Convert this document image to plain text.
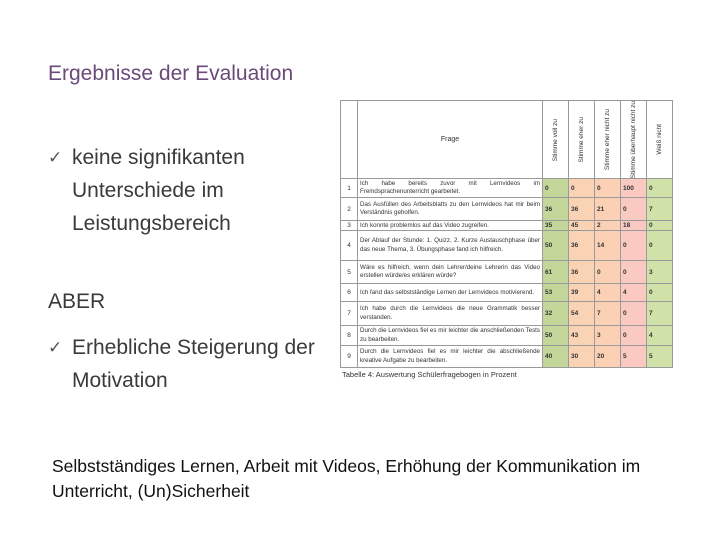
Ergebnisse der Evaluation
✓ keine signifikanten Unterschiede im Leistungsbereich
ABER
✓ Erhebliche Steigerung der Motivation
	Frage	Stimme voll zu	Stimme eher zu	Stimme eher nicht zu	Stimme überhaupt nicht zu	Weiß nicht

1	Ich habe bereits zuvor mit Lernvideos im Fremdsprachenunterricht gearbeitet.	0	0	0	100	0
2	Das Ausfüllen des Arbeitsblatts zu den Lernvideos hat mir beim Verständnis geholfen.	36	36	21	0	7
3	Ich konnte problemlos auf das Video zugreifen.	35	45	2	18	0
4	Der Ablauf der Stunde: 1. Quizz, 2. Kurze Austauschphase über das neue Thema, 3. Übungsphase fand ich hilfreich.	50	36	14	0	0
5	Wäre es hilfreich, wenn dein Lehrer/deine Lehrerin das Video erstellen würde/es erklären würde?	61	36	0	0	3
6	Ich fand das selbstständige Lernen der Lernvideos motivierend.	53	39	4	4	0
7	Ich habe durch die Lernvideos die neue Grammatik besser verstanden.	32	54	7	0	7
8	Durch die Lernvideos fiel es mir leichter die anschließenden Tests zu bearbeiten.	50	43	3	0	4
9	Durch die Lernvideos fiel es mir leichter die abschließende kreative Aufgabe zu bearbeiten.	40	30	20	5	5
Tabelle 4: Auswertung Schülerfragebogen in Prozent
Selbstständiges Lernen, Arbeit mit Videos, Erhöhung der Kommunikation im Unterricht, (Un)Sicherheit
